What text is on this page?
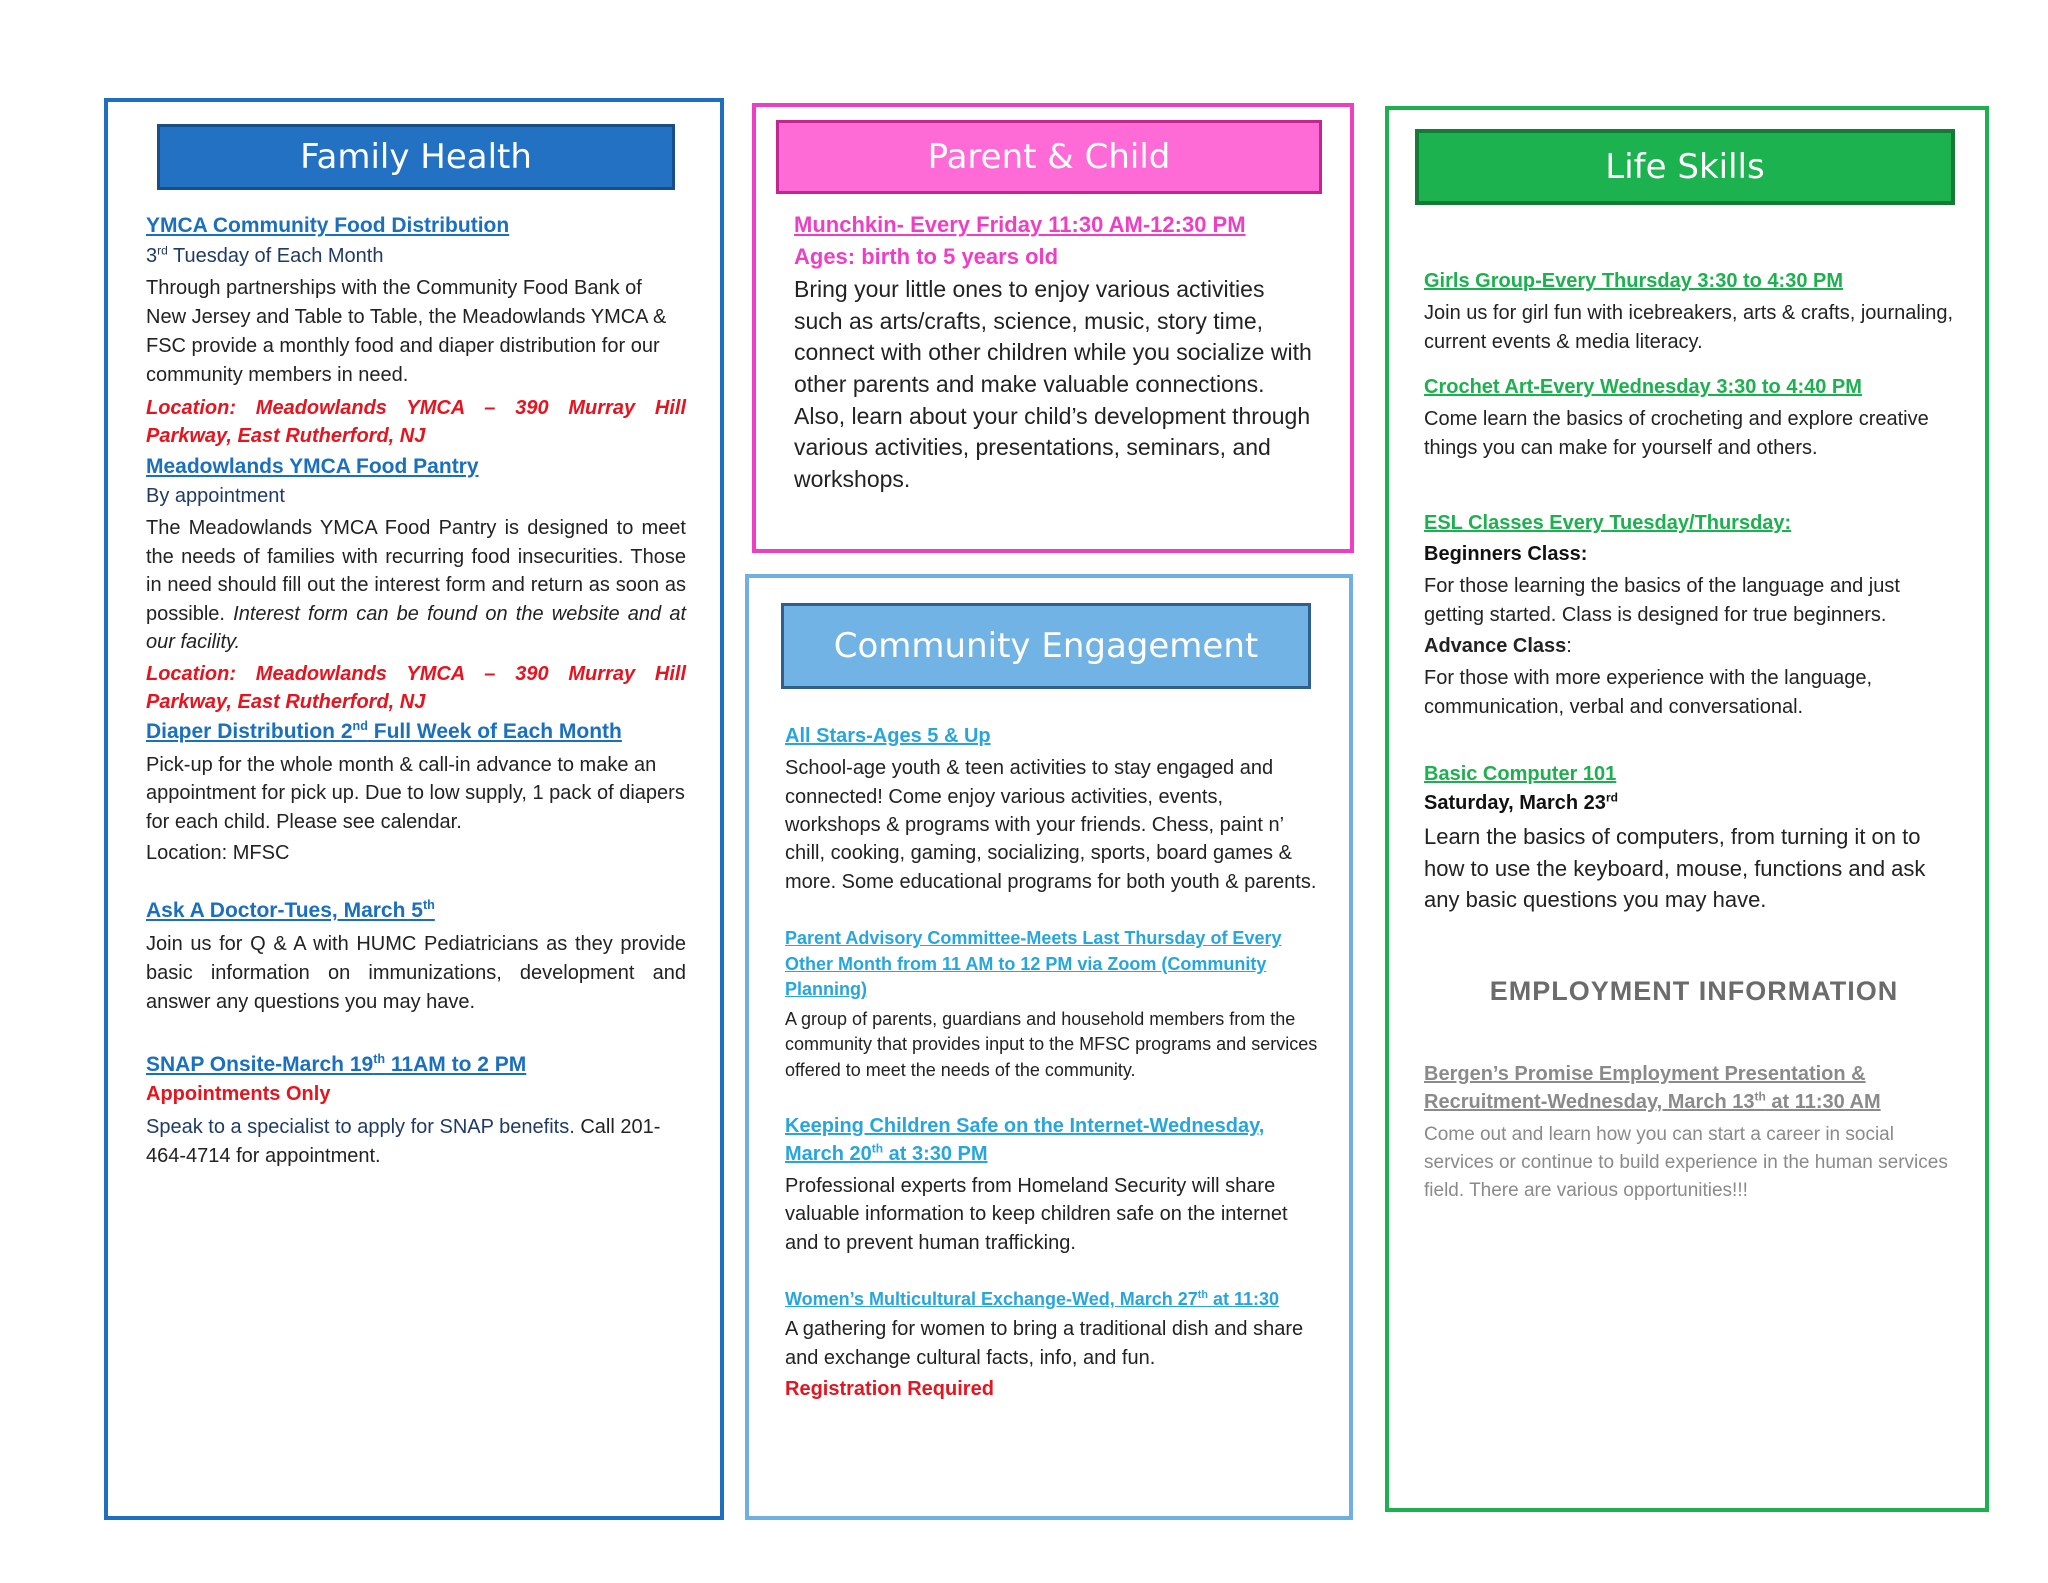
Family Health	Parent & Child
Community Engagement
Life Skills

YMCA Community Food Distribution

3rd Tuesday of Each Month

Through partnerships with the Community Food Bank of New Jersey and Table to Table, the Meadowlands YMCA & FSC provide a monthly food and diaper distribution for our community members in need.

Location: Meadowlands YMCA – 390 Murray Hill Parkway, East Rutherford, NJ

Meadowlands YMCA Food Pantry

By appointment

The Meadowlands YMCA Food Pantry is designed to meet the needs of families with recurring food insecurities. Those in need should fill out the interest form and return as soon as possible. Interest form can be found on the website and at our facility.

Location: Meadowlands YMCA – 390 Murray Hill Parkway, East Rutherford, NJ

Diaper Distribution 2nd Full Week of Each Month

Pick-up for the whole month & call-in advance to make an appointment for pick up. Due to low supply, 1 pack of diapers for each child. Please see calendar.

Location: MFSC

Ask A Doctor-Tues, March 5th

Join us for Q & A with HUMC Pediatricians as they provide basic information on immunizations, development and answer any questions you may have.

SNAP Onsite-March 19th 11AM to 2 PM

Appointments Only

Speak to a specialist to apply for SNAP benefits. Call 201-464-4714 for appointment.

Munchkin- Every Friday 11:30 AM-12:30 PM

Ages: birth to 5 years old

Bring your little ones to enjoy various activities such as arts/crafts, science, music, story time, connect with other children while you socialize with other parents and make valuable connections. Also, learn about your child’s development through various activities, presentations, seminars, and workshops.

All Stars-Ages 5 & Up

School-age youth & teen activities to stay engaged and connected! Come enjoy various activities, events, workshops & programs with your friends. Chess, paint n’ chill, cooking, gaming, socializing, sports, board games & more. Some educational programs for both youth & parents.

Parent Advisory Committee-Meets Last Thursday of Every Other Month from 11 AM to 12 PM via Zoom (Community Planning)

A group of parents, guardians and household members from the community that provides input to the MFSC programs and services offered to meet the needs of the community.

Keeping Children Safe on the Internet-Wednesday, March 20th at 3:30 PM

Professional experts from Homeland Security will share valuable information to keep children safe on the internet and to prevent human trafficking.

Women’s Multicultural Exchange-Wed, March 27th at 11:30

A gathering for women to bring a traditional dish and share and exchange cultural facts, info, and fun.

Registration Required

Girls Group-Every Thursday 3:30 to 4:30 PM

Join us for girl fun with icebreakers, arts & crafts, journaling, current events & media literacy.

Crochet Art-Every Wednesday 3:30 to 4:40 PM

Come learn the basics of crocheting and explore creative things you can make for yourself and others.

ESL Classes Every Tuesday/Thursday:

Beginners Class:

For those learning the basics of the language and just getting started. Class is designed for true beginners.

Advance Class:

For those with more experience with the language, communication, verbal and conversational.

Basic Computer 101

Saturday, March 23rd

Learn the basics of computers, from turning it on to how to use the keyboard, mouse, functions and ask any basic questions you may have.

EMPLOYMENT INFORMATION

Bergen’s Promise Employment Presentation & Recruitment-Wednesday, March 13th at 11:30 AM

Come out and learn how you can start a career in social services or continue to build experience in the human services field. There are various opportunities!!!
